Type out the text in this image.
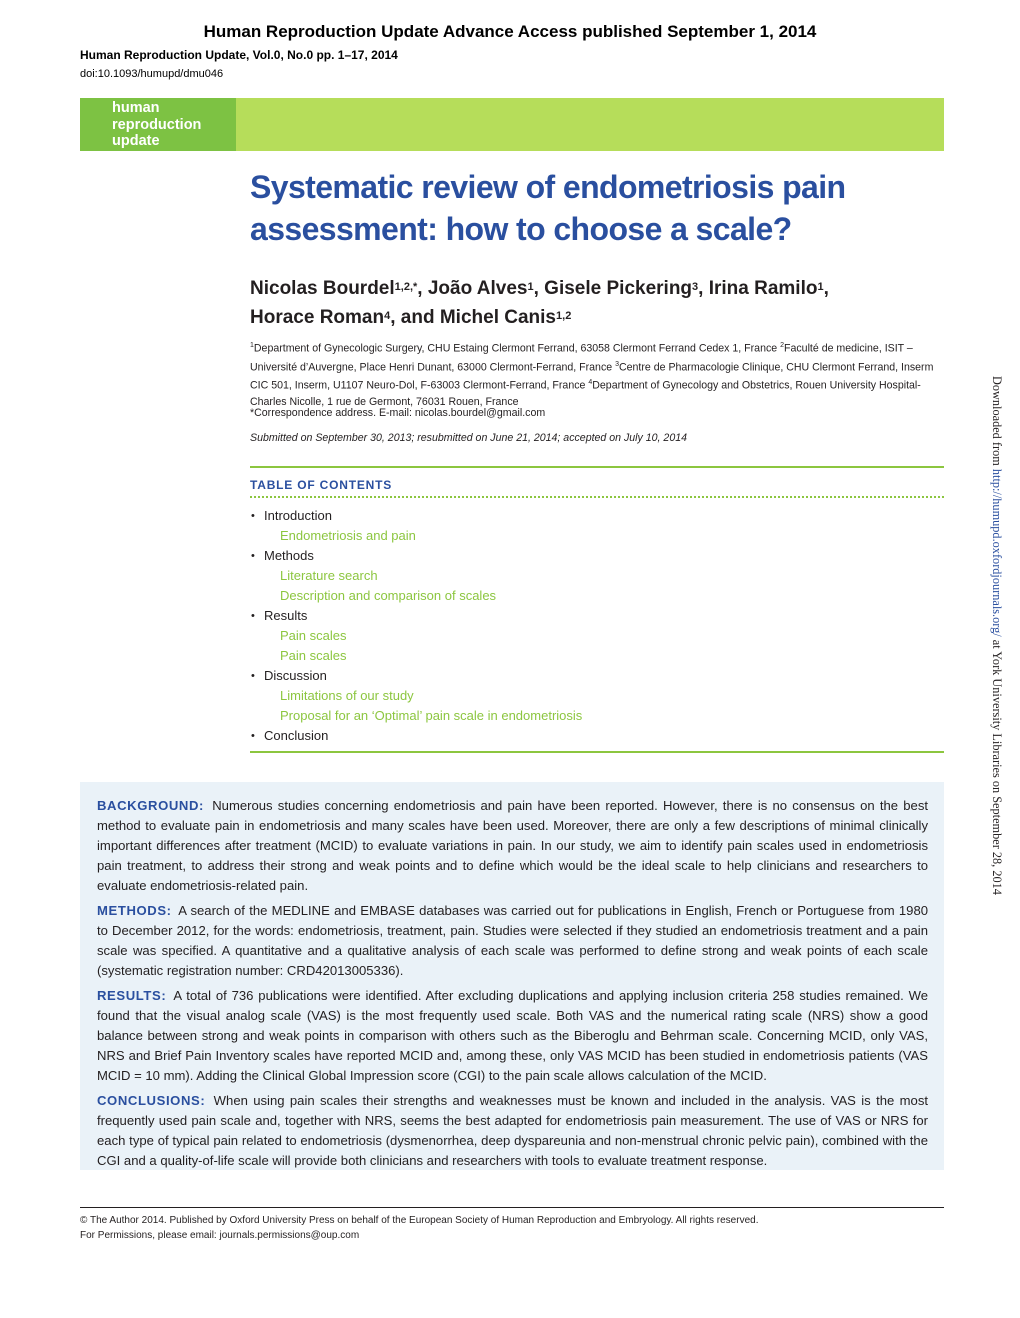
Human Reproduction Update Advance Access published September 1, 2014
Human Reproduction Update, Vol.0, No.0 pp. 1–17, 2014
doi:10.1093/humupd/dmu046
human
reproduction
update
Systematic review of endometriosis pain assessment: how to choose a scale?
Nicolas Bourdel$^{1,2,*}$, João Alves$^1$, Gisele Pickering$^3$, Irina Ramilo$^1$,
Horace Roman$^4$, and Michel Canis$^{1,2}$
$^1$Department of Gynecologic Surgery, CHU Estaing Clermont Ferrand, 63058 Clermont Ferrand Cedex 1, France $^2$Faculté de medicine, ISIT – Université d’Auvergne, Place Henri Dunant, 63000 Clermont-Ferrand, France $^3$Centre de Pharmacologie Clinique, CHU Clermont Ferrand, Inserm CIC 501, Inserm, U1107 Neuro-Dol, F-63003 Clermont-Ferrand, France $^4$Department of Gynecology and Obstetrics, Rouen University Hospital-Charles Nicolle, 1 rue de Germont, 76031 Rouen, France
*Correspondence address. E-mail: nicolas.bourdel@gmail.com
Submitted on September 30, 2013; resubmitted on June 21, 2014; accepted on July 10, 2014
TABLE OF CONTENTS
• Introduction
Endometriosis and pain
• Methods
Literature search
Description and comparison of scales
• Results
Pain scales
Pain scales
• Discussion
Limitations of our study
Proposal for an ‘Optimal’ pain scale in endometriosis
• Conclusion

BACKGROUND: Numerous studies concerning endometriosis and pain have been reported. However, there is no consensus on the best method to evaluate pain in endometriosis and many scales have been used. Moreover, there are only a few descriptions of minimal clinically important differences after treatment (MCID) to evaluate variations in pain. In our study, we aim to identify pain scales used in endometriosis pain treatment, to address their strong and weak points and to define which would be the ideal scale to help clinicians and researchers to evaluate endometriosis-related pain.

METHODS: A search of the MEDLINE and EMBASE databases was carried out for publications in English, French or Portuguese from 1980 to December 2012, for the words: endometriosis, treatment, pain. Studies were selected if they studied an endometriosis treatment and a pain scale was specified. A quantitative and a qualitative analysis of each scale was performed to define strong and weak points of each scale (systematic registration number: CRD42013005336).

RESULTS: A total of 736 publications were identified. After excluding duplications and applying inclusion criteria 258 studies remained. We found that the visual analog scale (VAS) is the most frequently used scale. Both VAS and the numerical rating scale (NRS) show a good balance between strong and weak points in comparison with others such as the Biberoglu and Behrman scale. Concerning MCID, only VAS, NRS and Brief Pain Inventory scales have reported MCID and, among these, only VAS MCID has been studied in endometriosis patients (VAS MCID = 10 mm). Adding the Clinical Global Impression score (CGI) to the pain scale allows calculation of the MCID.

CONCLUSIONS: When using pain scales their strengths and weaknesses must be known and included in the analysis. VAS is the most frequently used pain scale and, together with NRS, seems the best adapted for endometriosis pain measurement. The use of VAS or NRS for each type of typical pain related to endometriosis (dysmenorrhea, deep dyspareunia and non-menstrual chronic pelvic pain), combined with the CGI and a quality-of-life scale will provide both clinicians and researchers with tools to evaluate treatment response.

© The Author 2014. Published by Oxford University Press on behalf of the European Society of Human Reproduction and Embryology. All rights reserved.
For Permissions, please email: journals.permissions@oup.com
Downloaded from http://humupd.oxfordjournals.org/ at York University Libraries on September 28, 2014
